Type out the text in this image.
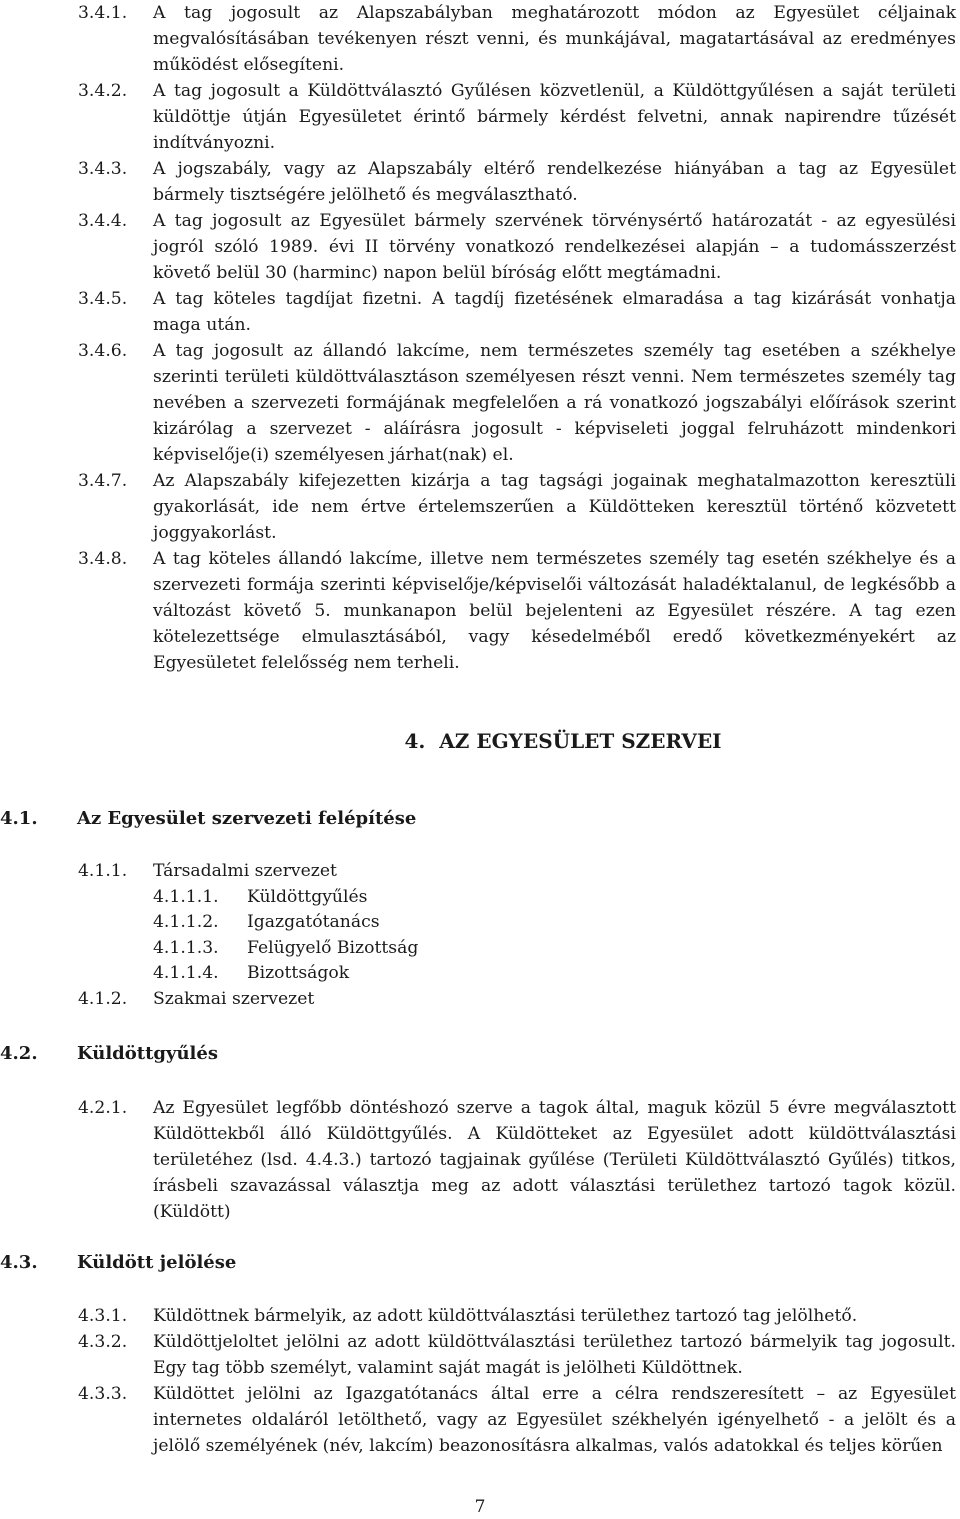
3.4.1. A tag jogosult az Alapszabályban meghatározott módon az Egyesület céljainak megvalósításában tevékenyen részt venni, és munkájával, magatartásával az eredményes működést elősegíteni.
3.4.2. A tag jogosult a Küldöttválasztó Gyűlésen közvetlenül, a Küldöttgyűlésen a saját területi küldöttje útján Egyesületet érintő bármely kérdést felvetni, annak napirendre tűzését indítványozni.
3.4.3. A jogszabály, vagy az Alapszabály eltérő rendelkezése hiányában a tag az Egyesület bármely tisztségére jelölhető és megválasztható.
3.4.4. A tag jogosult az Egyesület bármely szervének törvénysértő határozatát - az egyesülési jogról szóló 1989. évi II törvény vonatkozó rendelkezései alapján – a tudomásszerzést követő belül 30 (harminc) napon belül bíróság előtt megtámadni.
3.4.5. A tag köteles tagdíjat fizetni. A tagdíj fizetésének elmaradása a tag kizárását vonhatja maga után.
3.4.6. A tag jogosult az állandó lakcíme, nem természetes személy tag esetében a székhelye szerinti területi küldöttválasztáson személyesen részt venni. Nem természetes személy tag nevében a szervezeti formájának megfelelően a rá vonatkozó jogszabályi előírások szerint kizárólag a szervezet - aláírásra jogosult - képviseleti joggal felruházott mindenkori képviselője(i) személyesen járhat(nak) el.
3.4.7. Az Alapszabály kifejezetten kizárja a tag tagsági jogainak meghatalmazotton keresztüli gyakorlását, ide nem értve értelemszerűen a Küldötteken keresztül történő közvetett joggyakorlást.
3.4.8. A tag köteles állandó lakcíme, illetve nem természetes személy tag esetén székhelye és a szervezeti formája szerinti képviselője/képviselői változását haladéktalanul, de legkésőbb a változást követő 5. munkanapon belül bejelenteni az Egyesület részére. A tag ezen kötelezettsége elmulasztásából, vagy késedelméből eredő következményekért az Egyesületet felelősség nem terheli.
4. AZ EGYESÜLET SZERVEI
4.1. Az Egyesület szervezeti felépítése
4.1.1. Társadalmi szervezet
4.1.1.1. Küldöttgyűlés
4.1.1.2. Igazgatótanács
4.1.1.3. Felügyelő Bizottság
4.1.1.4. Bizottságok
4.1.2. Szakmai szervezet
4.2. Küldöttgyűlés
4.2.1. Az Egyesület legfőbb döntéshozó szerve a tagok által, maguk közül 5 évre megválasztott Küldöttekből álló Küldöttgyűlés. A Küldötteket az Egyesület adott küldöttválasztási területéhez (lsd. 4.4.3.) tartozó tagjainak gyűlése (Területi Küldöttválasztó Gyűlés) titkos, írásbeli szavazással választja meg az adott választási területhez tartozó tagok közül. (Küldött)
4.3. Küldött jelölése
4.3.1. Küldöttnek bármelyik, az adott küldöttválasztási területhez tartozó tag jelölhető.
4.3.2. Küldöttjeloltet jelölni az adott küldöttválasztási területhez tartozó bármelyik tag jogosult. Egy tag több személyt, valamint saját magát is jelölheti Küldöttnek.
4.3.3. Küldöttet jelölni az Igazgatótanács által erre a célra rendszeresített – az Egyesület internetes oldaláról letölthető, vagy az Egyesület székhelyén igényelhető - a jelölt és a jelölő személyének (név, lakcím) beazonosításra alkalmas, valós adatokkal és teljes körűen
7
